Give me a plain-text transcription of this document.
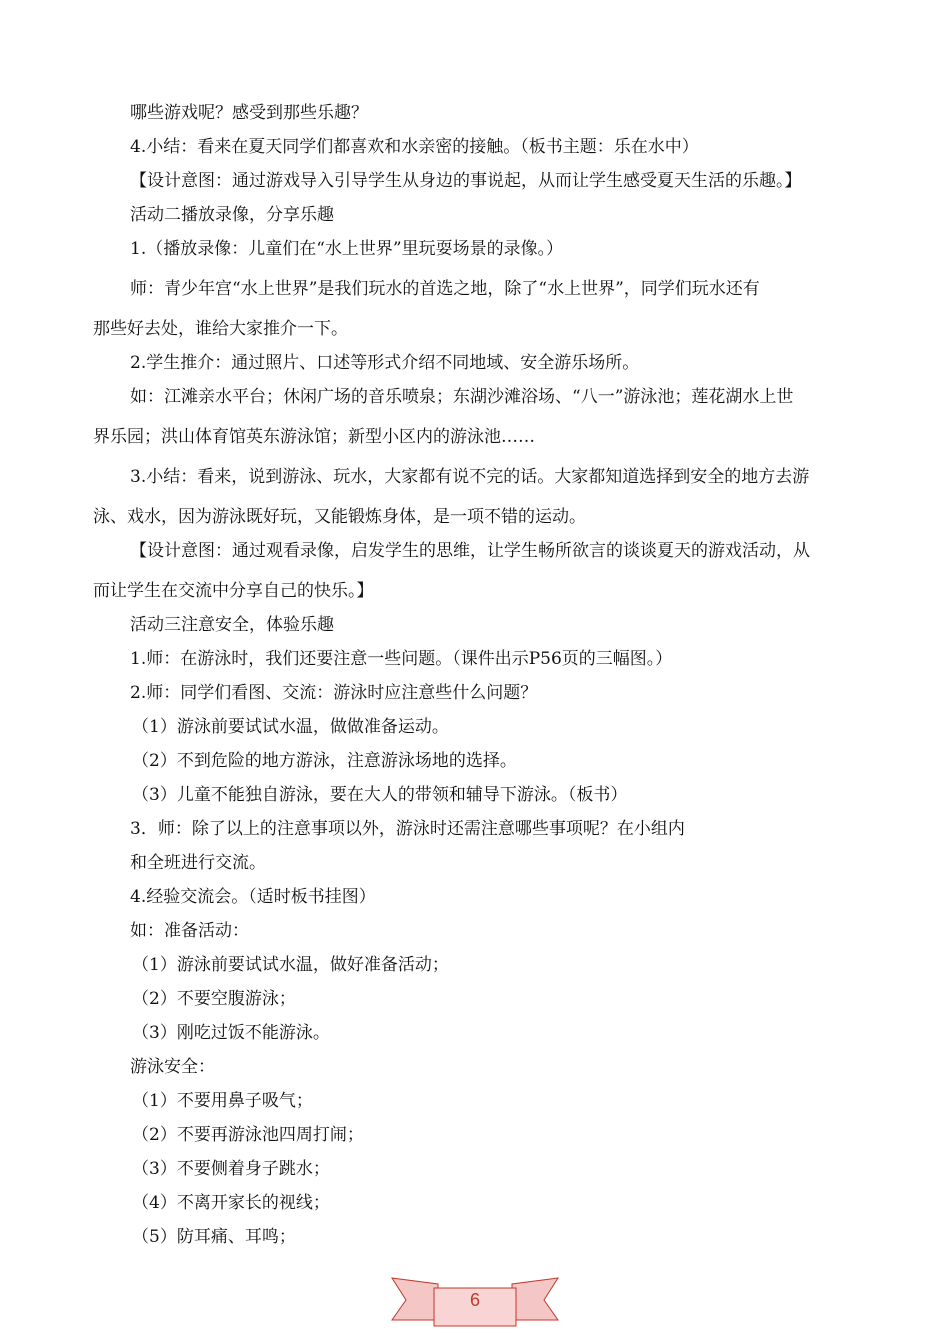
哪些游戏呢？感受到那些乐趣？
4.小结：看来在夏天同学们都喜欢和水亲密的接触。（板书主题：乐在水中）
【设计意图：通过游戏导入引导学生从身边的事说起，从而让学生感受夏天生活的乐趣。】
活动二播放录像，分享乐趣
1.（播放录像：儿童们在“水上世界”里玩耍场景的录像。）
师：青少年宫“水上世界”是我们玩水的首选之地，除了“水上世界”，同学们玩水还有
那些好去处，谁给大家推介一下。
2.学生推介：通过照片、口述等形式介绍不同地域、安全游乐场所。
如：江滩亲水平台；休闲广场的音乐喷泉；东湖沙滩浴场、“八一”游泳池；莲花湖水上世
界乐园；洪山体育馆英东游泳馆；新型小区内的游泳池……
3.小结：看来，说到游泳、玩水，大家都有说不完的话。大家都知道选择到安全的地方去游
泳、戏水，因为游泳既好玩，又能锻炼身体，是一项不错的运动。
【设计意图：通过观看录像，启发学生的思维，让学生畅所欲言的谈谈夏天的游戏活动，从
而让学生在交流中分享自己的快乐。】
活动三注意安全，体验乐趣
1.师：在游泳时，我们还要注意一些问题。（课件出示P56页的三幅图。）
2.师：同学们看图、交流：游泳时应注意些什么问题？
（1）游泳前要试试水温，做做准备运动。
（2）不到危险的地方游泳，注意游泳场地的选择。
（3）儿童不能独自游泳，要在大人的带领和辅导下游泳。（板书）
3．师：除了以上的注意事项以外，游泳时还需注意哪些事项呢？在小组内
和全班进行交流。
4.经验交流会。（适时板书挂图）
如：准备活动：
（1）游泳前要试试水温，做好准备活动；
（2）不要空腹游泳；
（3）刚吃过饭不能游泳。
游泳安全：
（1）不要用鼻子吸气；
（2）不要再游泳池四周打闹；
（3）不要侧着身子跳水；
（4）不离开家长的视线；
（5）防耳痛、耳鸣；
6
